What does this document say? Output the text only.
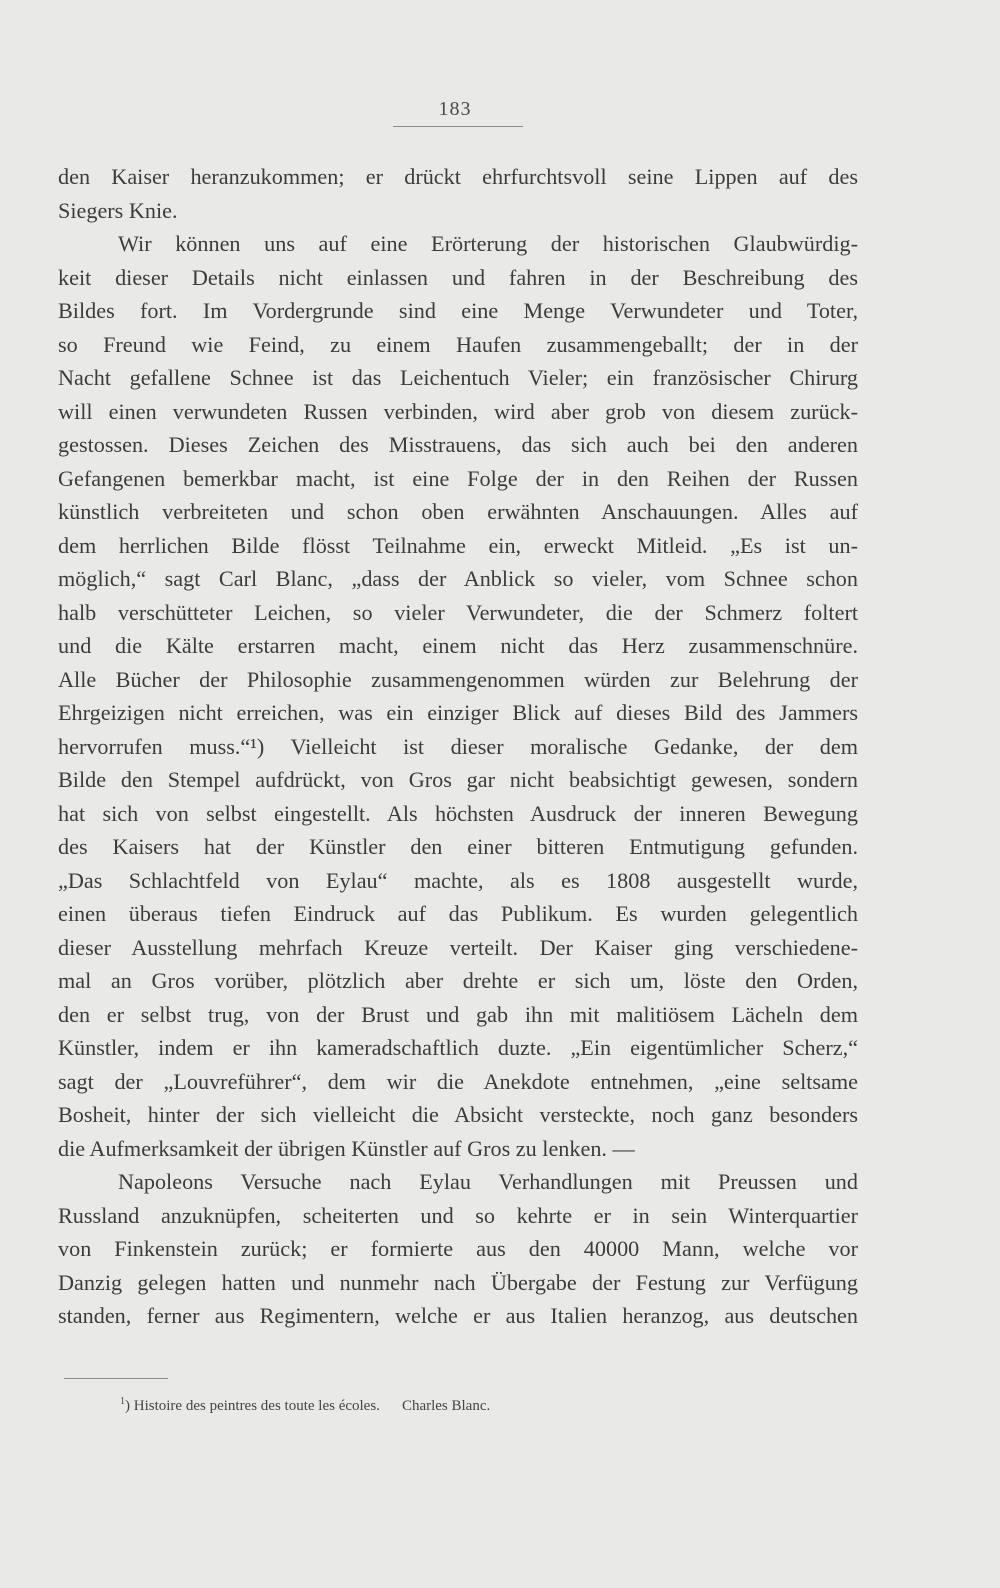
183
den Kaiser heranzukommen; er drückt ehrfurchtsvoll seine Lippen auf des
Siegers Knie.
Wir können uns auf eine Erörterung der historischen Glaubwürdig-
keit dieser Details nicht einlassen und fahren in der Beschreibung des
Bildes fort. Im Vordergrunde sind eine Menge Verwundeter und Toter,
so Freund wie Feind, zu einem Haufen zusammengeballt; der in der
Nacht gefallene Schnee ist das Leichentuch Vieler; ein französischer Chirurg
will einen verwundeten Russen verbinden, wird aber grob von diesem zurück-
gestossen. Dieses Zeichen des Misstrauens, das sich auch bei den anderen
Gefangenen bemerkbar macht, ist eine Folge der in den Reihen der Russen
künstlich verbreiteten und schon oben erwähnten Anschauungen. Alles auf
dem herrlichen Bilde flösst Teilnahme ein, erweckt Mitleid. „Es ist un-
möglich,“ sagt Carl Blanc, „dass der Anblick so vieler, vom Schnee schon
halb verschütteter Leichen, so vieler Verwundeter, die der Schmerz foltert
und die Kälte erstarren macht, einem nicht das Herz zusammenschnüre.
Alle Bücher der Philosophie zusammengenommen würden zur Belehrung der
Ehrgeizigen nicht erreichen, was ein einziger Blick auf dieses Bild des Jammers
hervorrufen muss.“¹) Vielleicht ist dieser moralische Gedanke, der dem
Bilde den Stempel aufdrückt, von Gros gar nicht beabsichtigt gewesen, sondern
hat sich von selbst eingestellt. Als höchsten Ausdruck der inneren Bewegung
des Kaisers hat der Künstler den einer bitteren Entmutigung gefunden.
„Das Schlachtfeld von Eylau“ machte, als es 1808 ausgestellt wurde,
einen überaus tiefen Eindruck auf das Publikum. Es wurden gelegentlich
dieser Ausstellung mehrfach Kreuze verteilt. Der Kaiser ging verschiedene-
mal an Gros vorüber, plötzlich aber drehte er sich um, löste den Orden,
den er selbst trug, von der Brust und gab ihn mit malitiösem Lächeln dem
Künstler, indem er ihn kameradschaftlich duzte. „Ein eigentümlicher Scherz,“
sagt der „Louvreführer“, dem wir die Anekdote entnehmen, „eine seltsame
Bosheit, hinter der sich vielleicht die Absicht versteckte, noch ganz besonders
die Aufmerksamkeit der übrigen Künstler auf Gros zu lenken. —
Napoleons Versuche nach Eylau Verhandlungen mit Preussen und
Russland anzuknüpfen, scheiterten und so kehrte er in sein Winterquartier
von Finkenstein zurück; er formierte aus den 40000 Mann, welche vor
Danzig gelegen hatten und nunmehr nach Übergabe der Festung zur Verfügung
standen, ferner aus Regimentern, welche er aus Italien heranzog, aus deutschen
$^1$) Histoire des peintres des toute les écoles. Charles Blanc.
